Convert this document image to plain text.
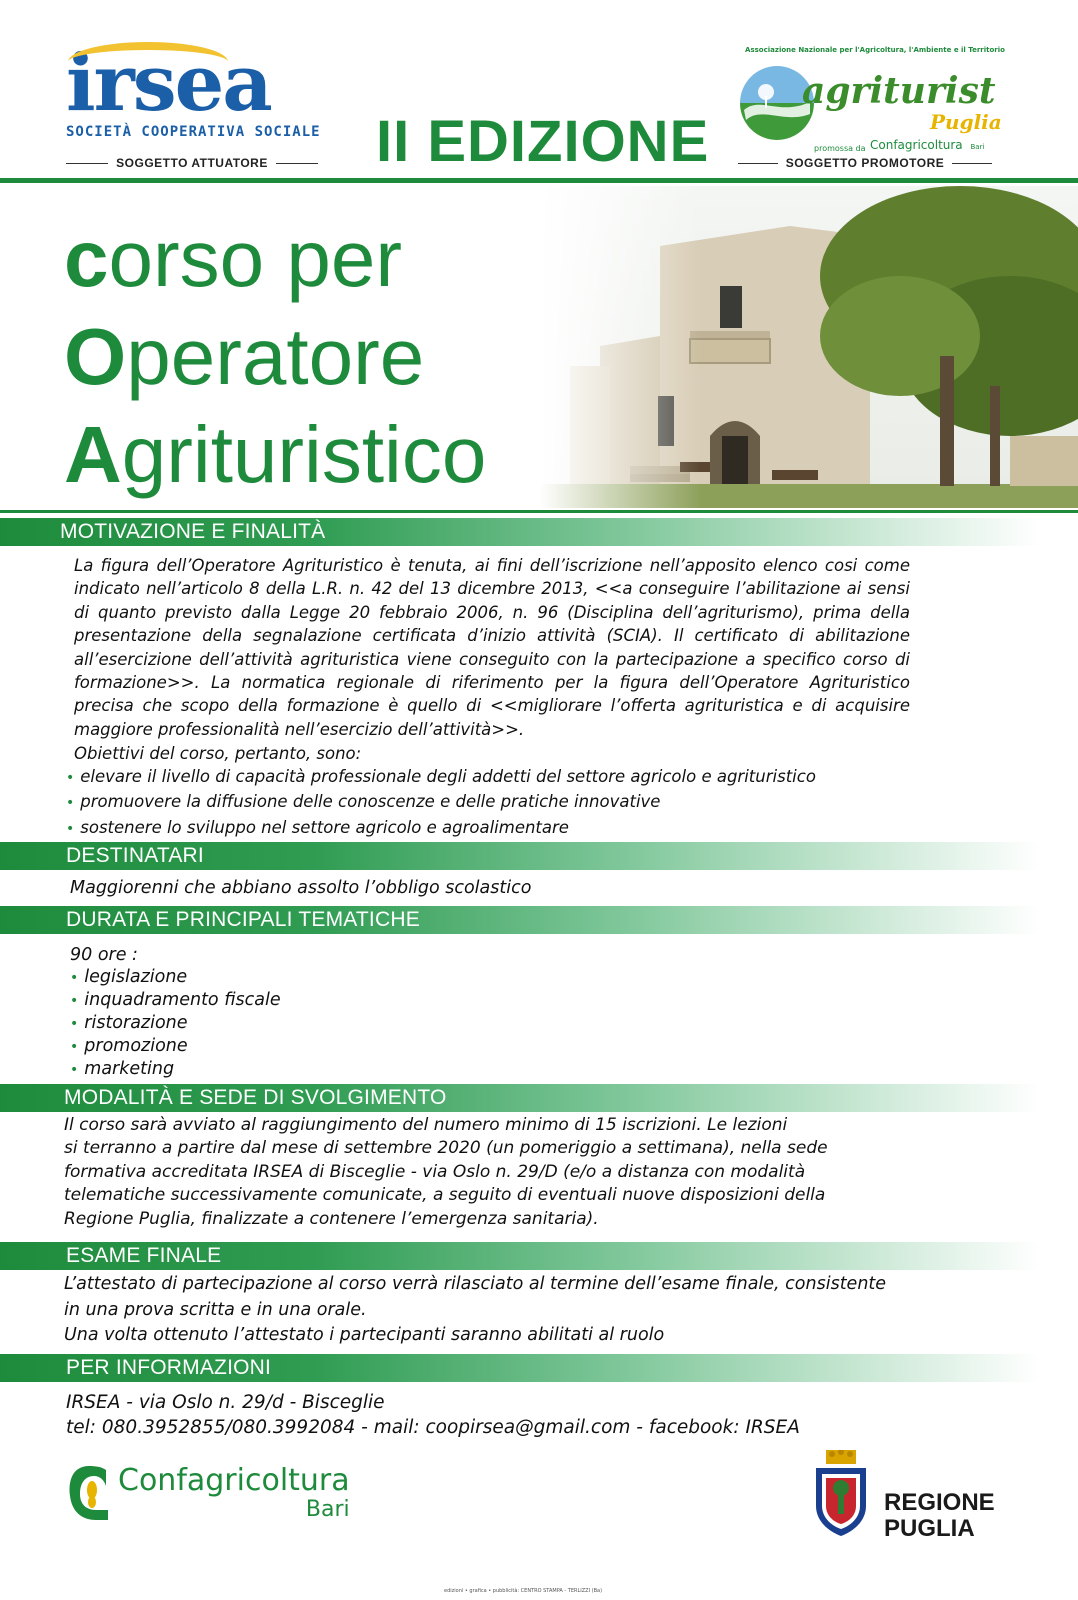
irsea
SOCIETÀ COOPERATIVA SOCIALE
SOGGETTO ATTUATORE II EDIZIONE
Associazione Nazionale per l'Agricoltura, l'Ambiente e il Territorio
agriturist
Puglia
promossa da Confagricoltura Bari
SOGGETTO PROMOTORE
corso per
Operatore
Agrituristico
MOTIVAZIONE E FINALITÀ
La figura dell’Operatore Agrituristico è tenuta, ai fini dell’iscrizione nell’apposito elenco cosi come indicato nell’articolo 8 della L.R. n. 42 del 13 dicembre 2013, <<a conseguire l’abilitazione ai sensi di quanto previsto dalla Legge 20 febbraio 2006, n. 96 (Disciplina dell’agriturismo), prima della presentazione della segnalazione certificata d’inizio attività (SCIA). Il certificato di abilitazione all’esercizione dell’attività agrituristica viene conseguito con la partecipazione a specifico corso di formazione>>. La normatica regionale di riferimento per la figura dell’Operatore Agrituristico precisa che scopo della formazione è quello di <<migliorare l’offerta agrituristica e di acquisire maggiore professionalità nell’esercizio dell’attività>>.
Obiettivi del corso, pertanto, sono:
• elevare il livello di capacità professionale degli addetti del settore agricolo e agrituristico
• promuovere la diffusione delle conoscenze e delle pratiche innovative
• sostenere lo sviluppo nel settore agricolo e agroalimentare
DESTINATARI
Maggiorenni che abbiano assolto l’obbligo scolastico
DURATA E PRINCIPALI TEMATICHE
90 ore :
• legislazione
• inquadramento fiscale
• ristorazione
• promozione
• marketing
MODALITÀ E SEDE DI SVOLGIMENTO
Il corso sarà avviato al raggiungimento del numero minimo di 15 iscrizioni. Le lezioni
si terranno a partire dal mese di settembre 2020 (un pomeriggio a settimana), nella sede
formativa accreditata IRSEA di Bisceglie - via Oslo n. 29/D (e/o a distanza con modalità
telematiche successivamente comunicate, a seguito di eventuali nuove disposizioni della
Regione Puglia, finalizzate a contenere l’emergenza sanitaria).
ESAME FINALE
L’attestato di partecipazione al corso verrà rilasciato al termine dell’esame finale, consistente
in una prova scritta e in una orale.
Una volta ottenuto l’attestato i partecipanti saranno abilitati al ruolo
PER INFORMAZIONI
IRSEA - via Oslo n. 29/d - Bisceglie
tel: 080.3952855/080.3992084 - mail: coopirsea@gmail.com - facebook: IRSEA
Confagricoltura
Bari	REGIONE
PUGLIA
edizioni • grafica • pubblicità: CENTRO STAMPA - TERLIZZI (Ba)
